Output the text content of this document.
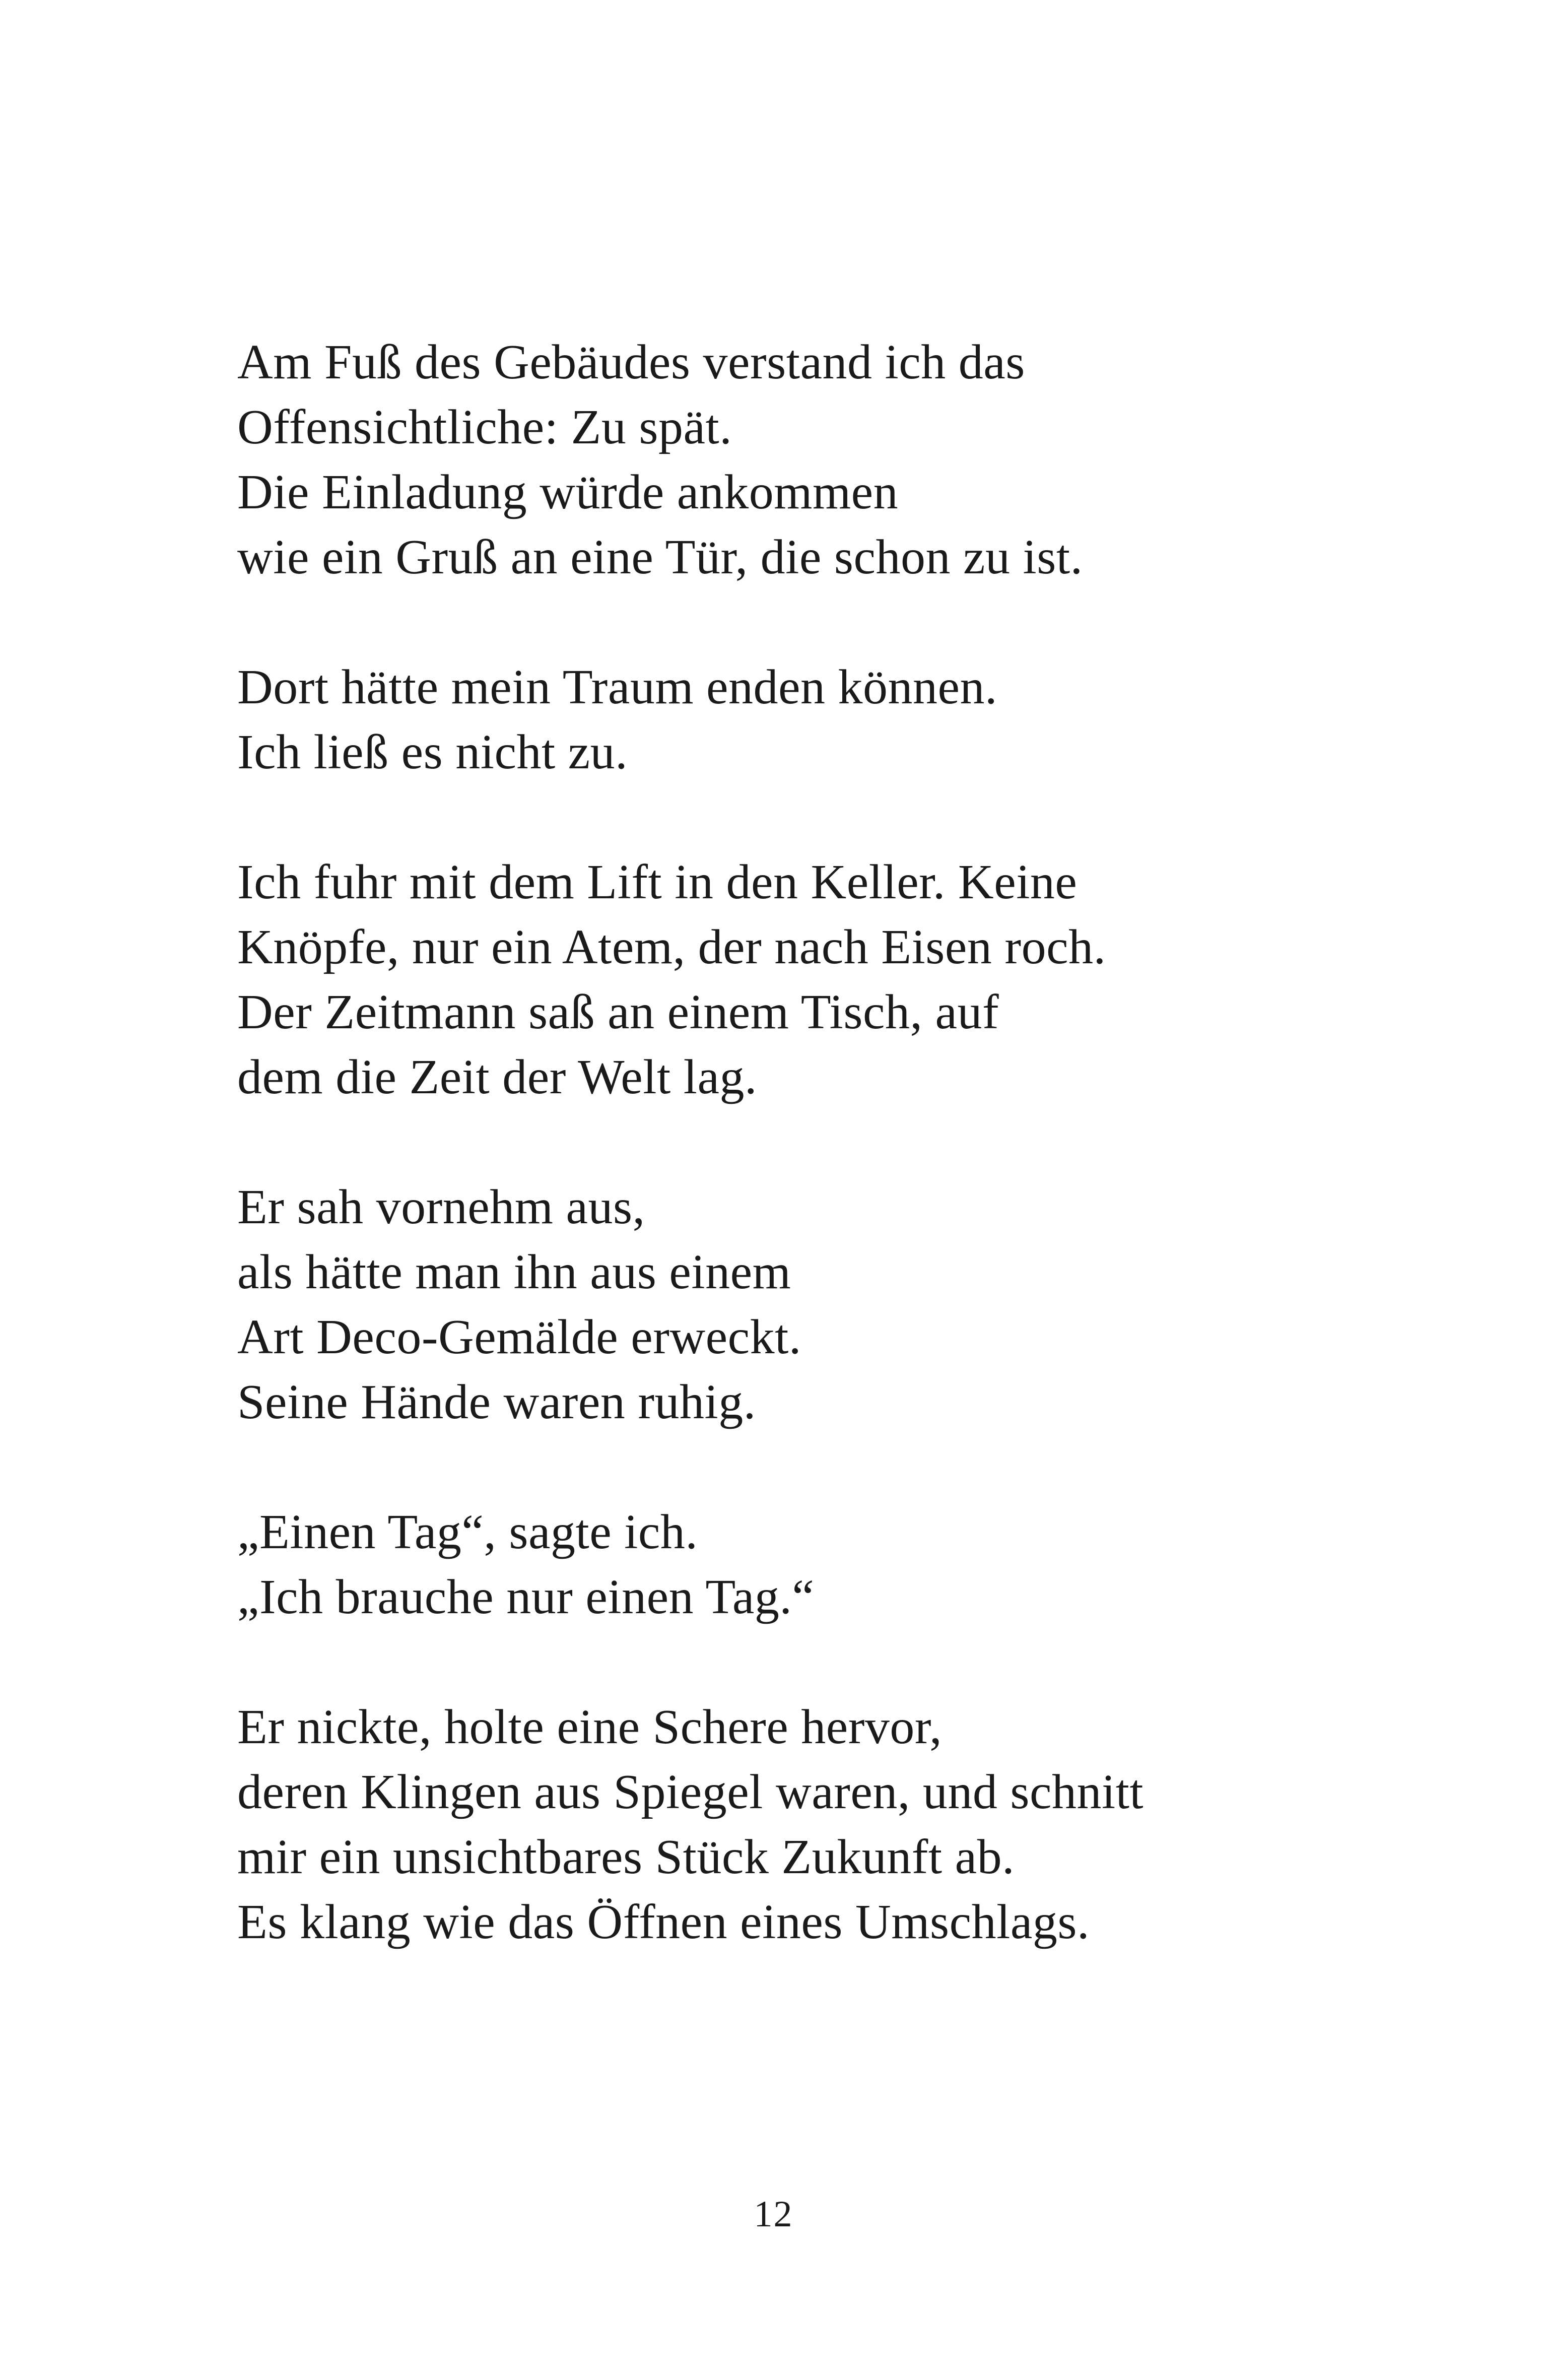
Am Fuß des Gebäudes verstand ich das
Offensichtliche: Zu spät.
Die Einladung würde ankommen
wie ein Gruß an eine Tür, die schon zu ist.
Dort hätte mein Traum enden können.
Ich ließ es nicht zu.
Ich fuhr mit dem Lift in den Keller. Keine
Knöpfe, nur ein Atem, der nach Eisen roch.
Der Zeitmann saß an einem Tisch, auf
dem die Zeit der Welt lag.
Er sah vornehm aus,
als hätte man ihn aus einem
Art Deco-Gemälde erweckt.
Seine Hände waren ruhig.
„Einen Tag“, sagte ich.
„Ich brauche nur einen Tag.“
Er nickte, holte eine Schere hervor,
deren Klingen aus Spiegel waren, und schnitt
mir ein unsichtbares Stück Zukunft ab.
Es klang wie das Öffnen eines Umschlags.
12
